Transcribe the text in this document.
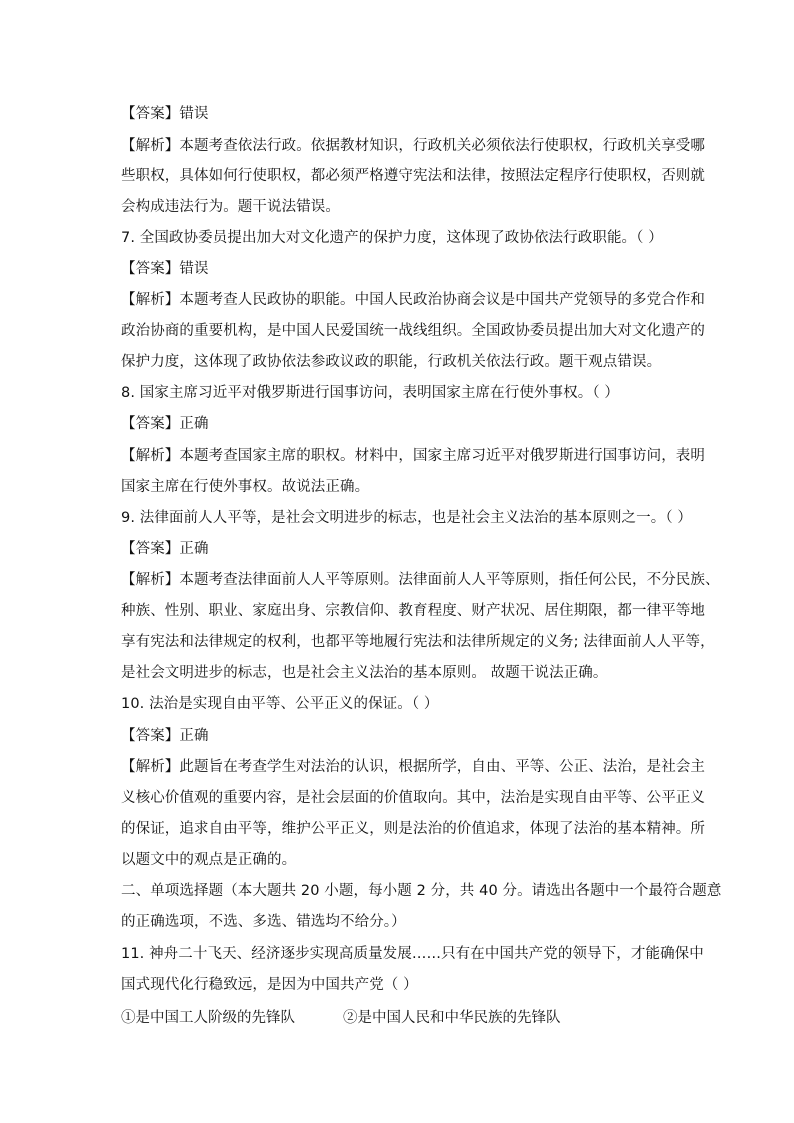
【答案】错误
【解析】本题考查依法行政。依据教材知识，行政机关必须依法行使职权，行政机关享受哪
些职权，具体如何行使职权，都必须严格遵守宪法和法律，按照法定程序行使职权，否则就
会构成违法行为。题干说法错误。
7. 全国政协委员提出加大对文化遗产的保护力度，这体现了政协依法行政职能。（ ）
【答案】错误
【解析】本题考查人民政协的职能。中国人民政治协商会议是中国共产党领导的多党合作和
政治协商的重要机构，是中国人民爱国统一战线组织。全国政协委员提出加大对文化遗产的
保护力度，这体现了政协依法参政议政的职能，行政机关依法行政。题干观点错误。
8. 国家主席习近平对俄罗斯进行国事访问，表明国家主席在行使外事权。（ ）
【答案】正确
【解析】本题考查国家主席的职权。材料中，国家主席习近平对俄罗斯进行国事访问，表明
国家主席在行使外事权。故说法正确。
9. 法律面前人人平等，是社会文明进步的标志，也是社会主义法治的基本原则之一。（ ）
【答案】正确
【解析】本题考查法律面前人人平等原则。法律面前人人平等原则，指任何公民，不分民族、
种族、性别、职业、家庭出身、宗教信仰、教育程度、财产状况、居住期限，都一律平等地
享有宪法和法律规定的权利，也都平等地履行宪法和法律所规定的义务; 法律面前人人平等，
是社会文明进步的标志，也是社会主义法治的基本原则。 故题干说法正确。
10. 法治是实现自由平等、公平正义的保证。（ ）
【答案】正确
【解析】此题旨在考查学生对法治的认识，根据所学，自由、平等、公正、法治，是社会主
义核心价值观的重要内容，是社会层面的价值取向。其中，法治是实现自由平等、公平正义
的保证，追求自由平等，维护公平正义，则是法治的价值追求，体现了法治的基本精神。所
以题文中的观点是正确的。
二、单项选择题（本大题共 20 小题，每小题 2 分，共 40 分。请选出各题中一个最符合题意
的正确选项，不选、多选、错选均不给分。）
11. 神舟二十飞天、经济逐步实现高质量发展……只有在中国共产党的领导下，才能确保中
国式现代化行稳致远，是因为中国共产党（ ）
①是中国工人阶级的先锋队	②是中国人民和中华民族的先锋队
